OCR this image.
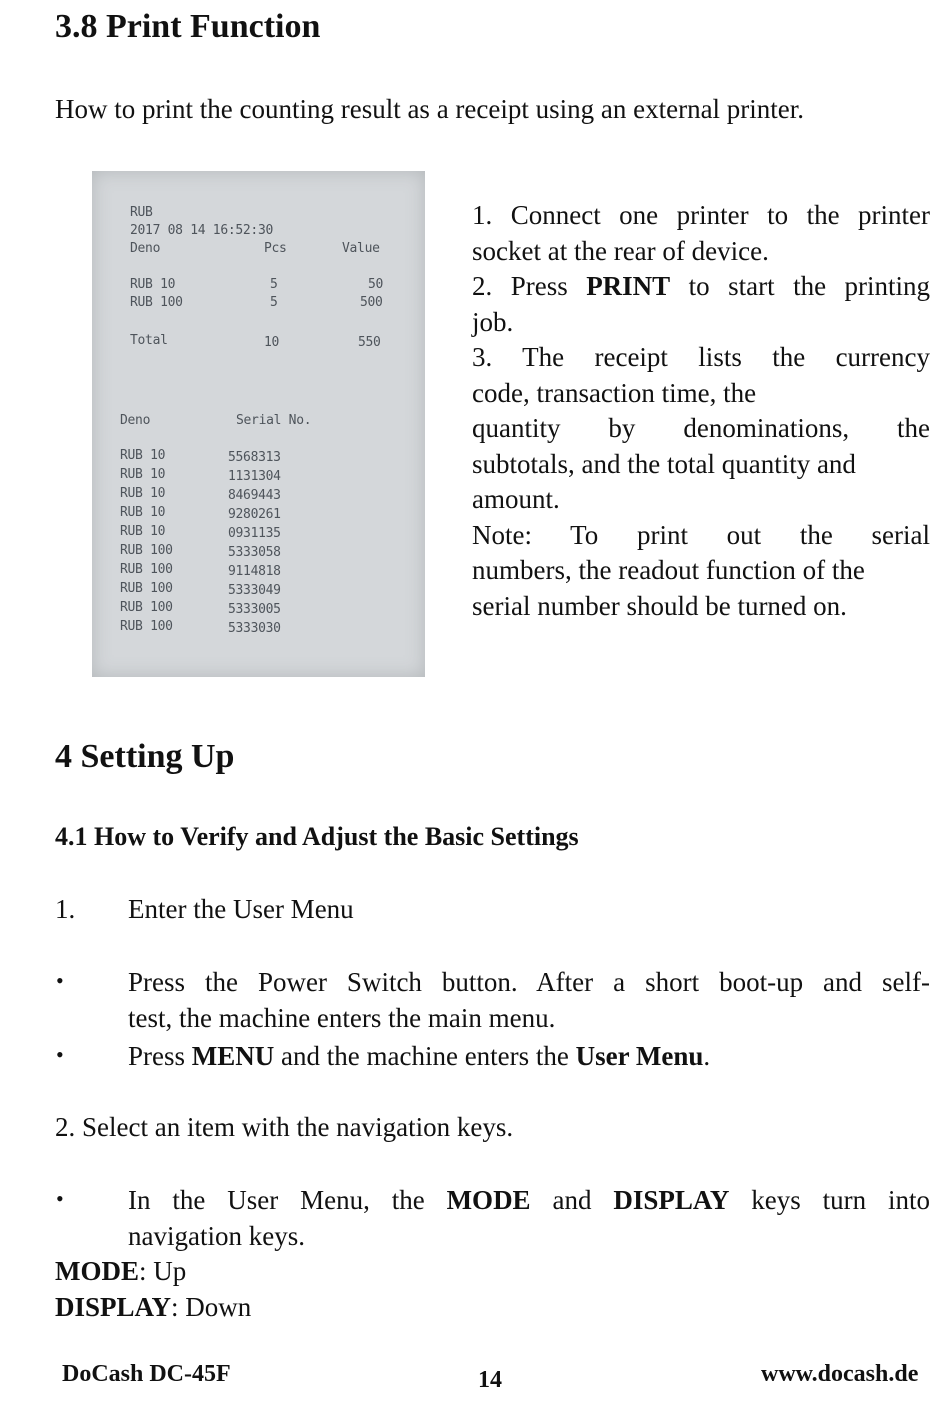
3.8 Print Function
How to print the counting result as a receipt using an external printer.
RUB
2017 08 14 16:52:30
Deno	Pcs	Value
RUB 10	5	50
RUB 100	5	500
Total	10	550
Deno	Serial No.
RUB 10	5568313
RUB 10	1131304
RUB 10	8469443
RUB 10	9280261
RUB 10	0931135
RUB 100	5333058
RUB 100	9114818
RUB 100	5333049
RUB 100	5333005
RUB 100	5333030
1. Connect one printer to the printer
socket at the rear of device.
2. Press PRINT to start the printing
job.
3. The receipt lists the currency
code, transaction time, the
quantity by denominations, the
subtotals, and the total quantity and
amount.
Note: To print out the serial
numbers, the readout function of the
serial number should be turned on.
4 Setting Up
4.1 How to Verify and Adjust the Basic Settings
1. Enter the User Menu
• Press the Power Switch button. After a short boot-up and self-
test, the machine enters the main menu.
• Press MENU and the machine enters the User Menu.
2. Select an item with the navigation keys.
• In the User Menu, the MODE and DISPLAY keys turn into
navigation keys.
MODE: Up
DISPLAY: Down
DoCash DC-45F	14	www.docash.de
